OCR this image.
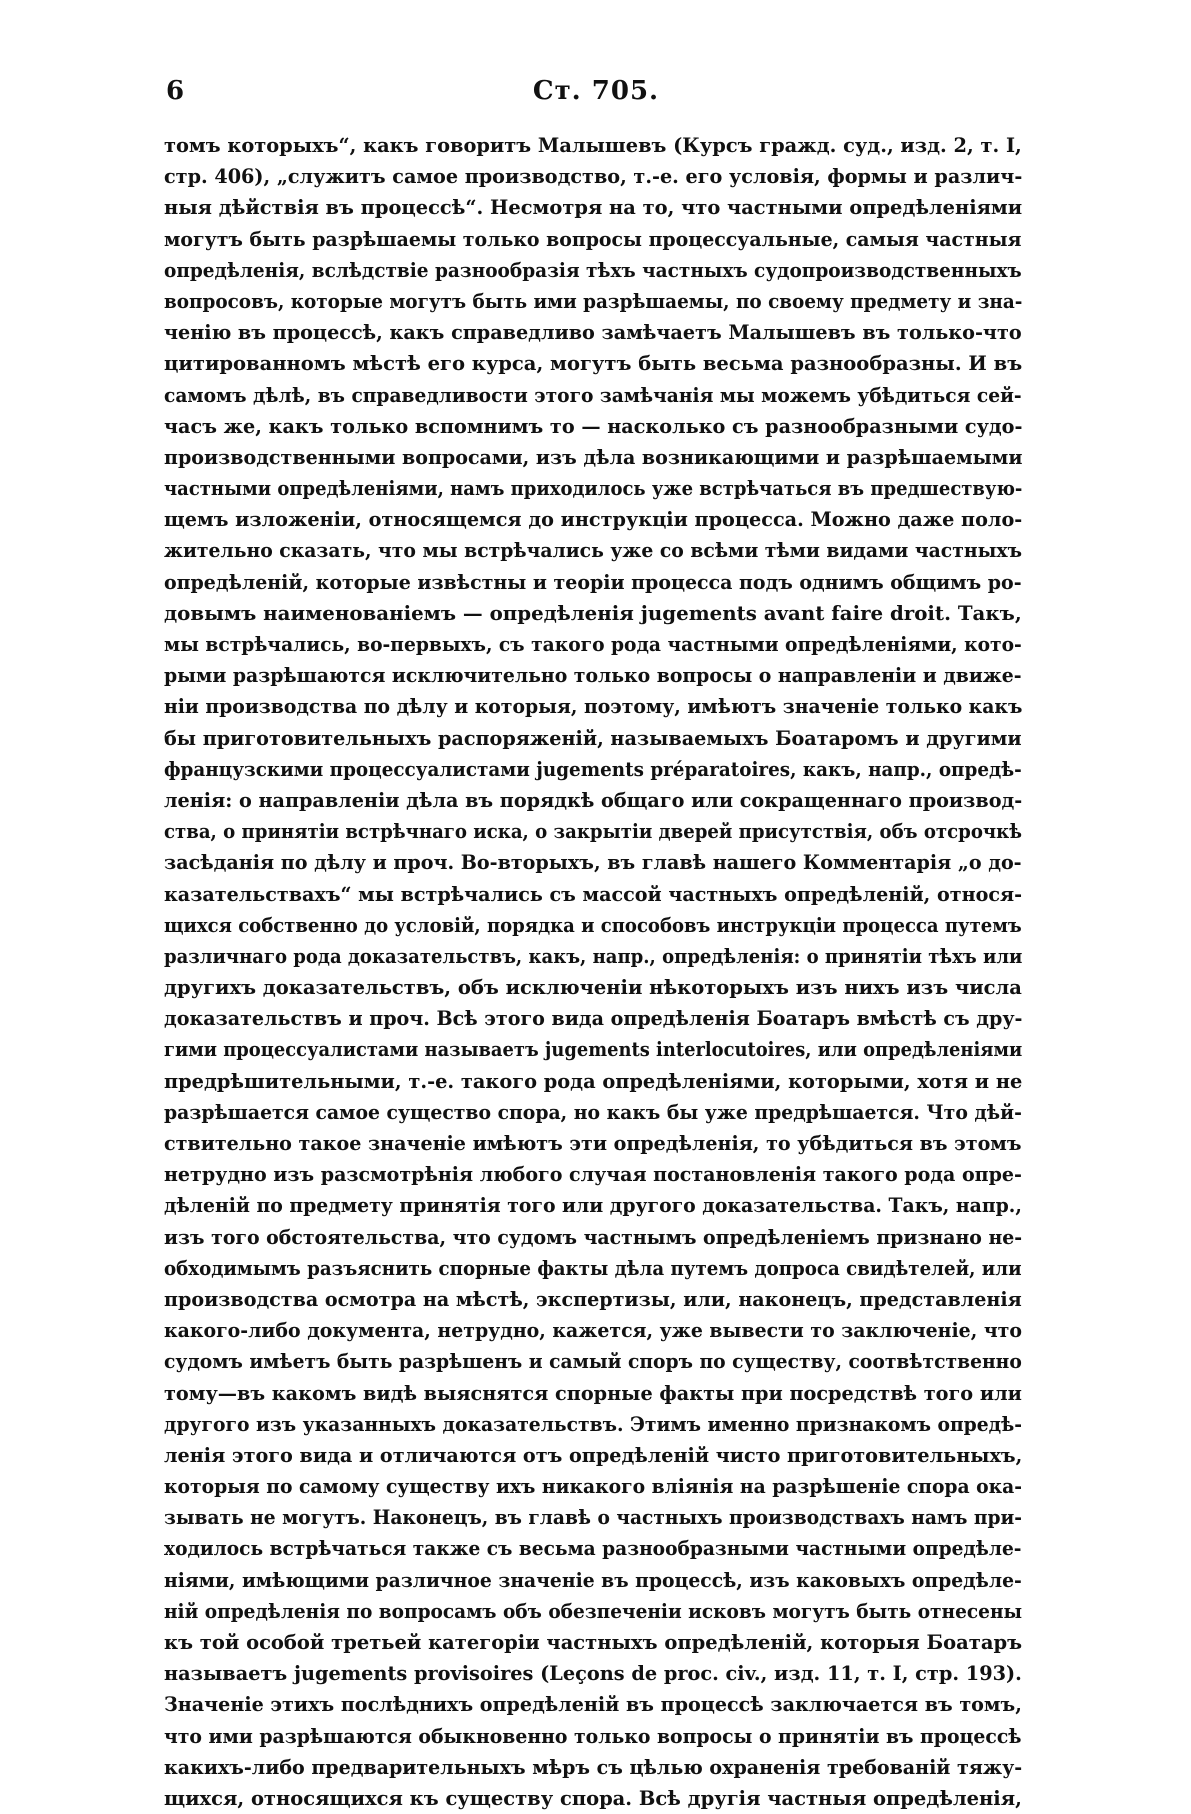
6	Ст. 705.
томъ которыхъ“, какъ говоритъ Малышевъ (Курсъ гражд. суд., изд. 2, т. I,
стр. 406), „служитъ самое производство, т.-е. его условія, формы и различ-
ныя дѣйствія въ процессѣ“. Несмотря на то, что частными опредѣленіями
могутъ быть разрѣшаемы только вопросы процессуальные, самыя частныя
опредѣленія, вслѣдствіе разнообразія тѣхъ частныхъ судопроизводственныхъ
вопросовъ, которые могутъ быть ими разрѣшаемы, по своему предмету и зна-
ченію въ процессѣ, какъ справедливо замѣчаетъ Малышевъ въ только-что
цитированномъ мѣстѣ его курса, могутъ быть весьма разнообразны. И въ
самомъ дѣлѣ, въ справедливости этого замѣчанія мы можемъ убѣдиться сей-
часъ же, какъ только вспомнимъ то — насколько съ разнообразными судо-
производственными вопросами, изъ дѣла возникающими и разрѣшаемыми
частными опредѣленіями, намъ приходилось уже встрѣчаться въ предшествую-
щемъ изложеніи, относящемся до инструкціи процесса. Можно даже поло-
жительно сказать, что мы встрѣчались уже со всѣми тѣми видами частныхъ
опредѣленій, которые извѣстны и теоріи процесса подъ однимъ общимъ ро-
довымъ наименованіемъ — опредѣленія jugements avant faire droit. Такъ,
мы встрѣчались, во-первыхъ, съ такого рода частными опредѣленіями, кото-
рыми разрѣшаются исключительно только вопросы о направленіи и движе-
ніи производства по дѣлу и которыя, поэтому, имѣютъ значеніе только какъ
бы приготовительныхъ распоряженій, называемыхъ Боатаромъ и другими
французскими процессуалистами jugements préparatoires, какъ, напр., опредѣ-
ленія: о направленіи дѣла въ порядкѣ общаго или сокращеннаго производ-
ства, о принятіи встрѣчнаго иска, о закрытіи дверей присутствія, объ отсрочкѣ
засѣданія по дѣлу и проч. Во-вторыхъ, въ главѣ нашего Комментарія „о до-
казательствахъ“ мы встрѣчались съ массой частныхъ опредѣленій, относя-
щихся собственно до условій, порядка и способовъ инструкціи процесса путемъ
различнаго рода доказательствъ, какъ, напр., опредѣленія: о принятіи тѣхъ или
другихъ доказательствъ, объ исключеніи нѣкоторыхъ изъ нихъ изъ числа
доказательствъ и проч. Всѣ этого вида опредѣленія Боатаръ вмѣстѣ съ дру-
гими процессуалистами называетъ jugements interlocutoires, или опредѣленіями
предрѣшительными, т.-е. такого рода опредѣленіями, которыми, хотя и не
разрѣшается самое существо спора, но какъ бы уже предрѣшается. Что дѣй-
ствительно такое значеніе имѣютъ эти опредѣленія, то убѣдиться въ этомъ
нетрудно изъ разсмотрѣнія любого случая постановленія такого рода опре-
дѣленій по предмету принятія того или другого доказательства. Такъ, напр.,
изъ того обстоятельства, что судомъ частнымъ опредѣленіемъ признано не-
обходимымъ разъяснить спорные факты дѣла путемъ допроса свидѣтелей, или
производства осмотра на мѣстѣ, экспертизы, или, наконецъ, представленія
какого-либо документа, нетрудно, кажется, уже вывести то заключеніе, что
судомъ имѣетъ быть разрѣшенъ и самый споръ по существу, соотвѣтственно
тому—въ какомъ видѣ выяснятся спорные факты при посредствѣ того или
другого изъ указанныхъ доказательствъ. Этимъ именно признакомъ опредѣ-
ленія этого вида и отличаются отъ опредѣленій чисто приготовительныхъ,
которыя по самому существу ихъ никакого вліянія на разрѣшеніе спора ока-
зывать не могутъ. Наконецъ, въ главѣ о частныхъ производствахъ намъ при-
ходилось встрѣчаться также съ весьма разнообразными частными опредѣле-
ніями, имѣющими различное значеніе въ процессѣ, изъ каковыхъ опредѣле-
ній опредѣленія по вопросамъ объ обезпеченіи исковъ могутъ быть отнесены
къ той особой третьей категоріи частныхъ опредѣленій, которыя Боатаръ
называетъ jugements provisoires (Leçons de proc. civ., изд. 11, т. I, стр. 193).
Значеніе этихъ послѣднихъ опредѣленій въ процессѣ заключается въ томъ,
что ими разрѣшаются обыкновенно только вопросы о принятіи въ процессѣ
какихъ-либо предварительныхъ мѣръ съ цѣлью охраненія требованій тяжу-
щихся, относящихся къ существу спора. Всѣ другія частныя опредѣленія,
